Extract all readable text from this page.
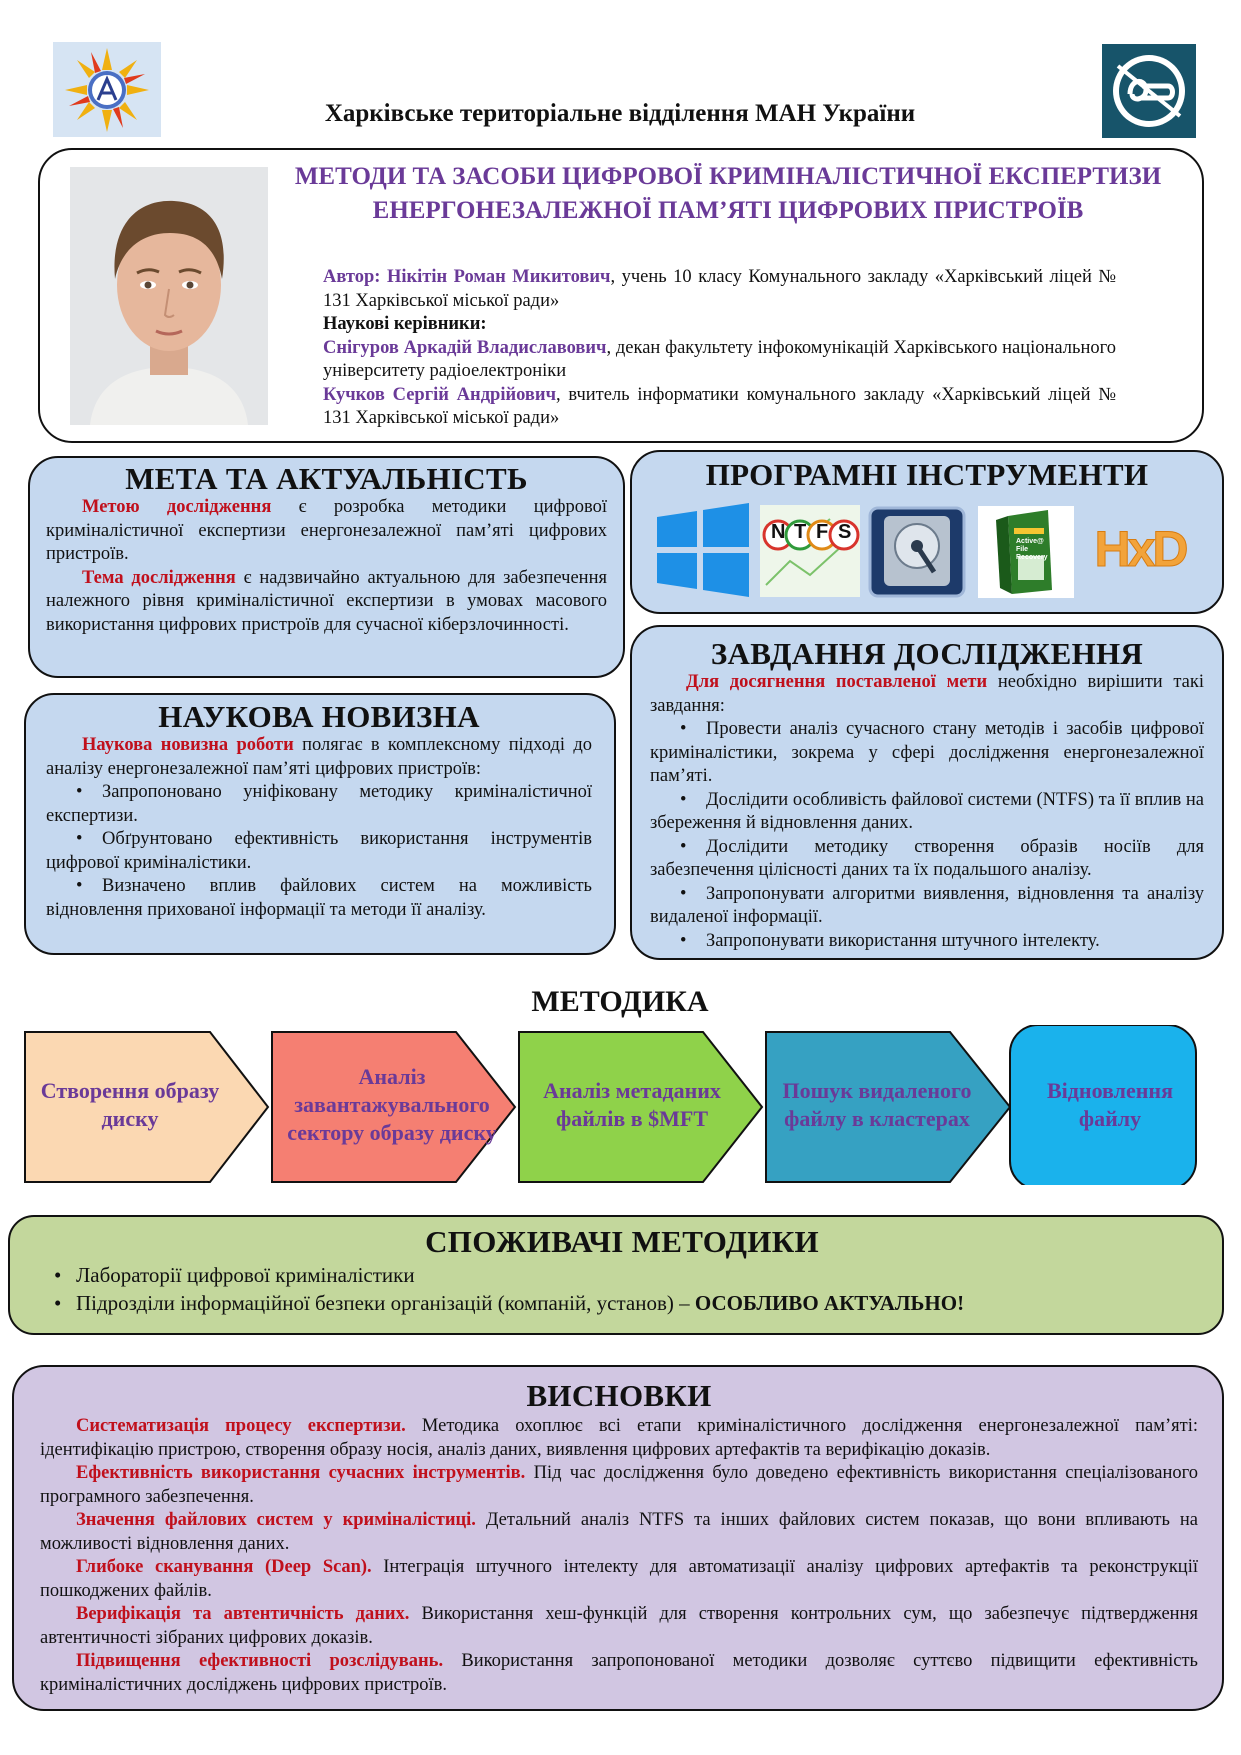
Харківське територіальне відділення МАН України
МЕТОДИ ТА ЗАСОБИ ЦИФРОВОЇ КРИМІНАЛІСТИЧНОЇ ЕКСПЕРТИЗИ ЕНЕРГОНЕЗАЛЕЖНОЇ ПАМ’ЯТІ ЦИФРОВИХ ПРИСТРОЇВ

Автор: Нікітін Роман Микитович, учень 10 класу Комунального закладу «Харківський ліцей № 131 Харківської міської ради»

Наукові керівники:

Снігуров Аркадій Владиславович, декан факультету інфокомунікацій Харківського національного університету радіоелектроніки

Кучков Сергій Андрійович, вчитель інформатики комунального закладу «Харківський ліцей № 131 Харківської міської ради»

МЕТА ТА АКТУАЛЬНІСТЬ

Метою дослідження є розробка методики цифрової криміналістичної експертизи енергонезалежної пам’яті цифрових пристроїв.

Тема дослідження є надзвичайно актуальною для забезпечення належного рівня криміналістичної експертизи в умовах масового використання цифрових пристроїв для сучасної кіберзлочинності.

ПРОГРАМНІ ІНСТРУМЕНТИ
N T F S	Active@ File Recovery HxD
НАУКОВА НОВИЗНА

Наукова новизна роботи полягає в комплексному підході до аналізу енергонезалежної пам’яті цифрових пристроїв:

• Запропоновано уніфіковану методику криміналістичної експертизи.

• Обґрунтовано ефективність використання інструментів цифрової криміналістики.

• Визначено вплив файлових систем на можливість відновлення прихованої інформації та методи її аналізу.

ЗАВДАННЯ ДОСЛІДЖЕННЯ

Для досягнення поставленої мети необхідно вирішити такі завдання:

• Провести аналіз сучасного стану методів і засобів цифрової криміналістики, зокрема у сфері дослідження енергонезалежної пам’яті.

• Дослідити особливість файлової системи (NTFS) та її вплив на збереження й відновлення даних.

• Дослідити методику створення образів носіїв для забезпечення цілісності даних та їх подальшого аналізу.

• Запропонувати алгоритми виявлення, відновлення та аналізу видаленої інформації.

• Запропонувати використання штучного інтелекту.

МЕТОДИКА
Створення образу диску
Аналіз завантажувального сектору образу диску
Аналіз метаданих файлів в $MFT
Пошук видаленого файлу в кластерах
Відновлення файлу
СПОЖИВАЧІ МЕТОДИКИ

• Лабораторії цифрової криміналістики

• Підрозділи інформаційної безпеки організацій (компаній, установ) – ОСОБЛИВО АКТУАЛЬНО!

ВИСНОВКИ

Систематизація процесу експертизи. Методика охоплює всі етапи криміналістичного дослідження енергонезалежної пам’яті: ідентифікацію пристрою, створення образу носія, аналіз даних, виявлення цифрових артефактів та верифікацію доказів.

Ефективність використання сучасних інструментів. Під час дослідження було доведено ефективність використання спеціалізованого програмного забезпечення.

Значення файлових систем у криміналістиці. Детальний аналіз NTFS та інших файлових систем показав, що вони впливають на можливості відновлення даних.

Глибоке сканування (Deep Scan). Інтеграція штучного інтелекту для автоматизації аналізу цифрових артефактів та реконструкції пошкоджених файлів.

Верифікація та автентичність даних. Використання хеш-функцій для створення контрольних сум, що забезпечує підтвердження автентичності зібраних цифрових доказів.

Підвищення ефективності розслідувань. Використання запропонованої методики дозволяє суттєво підвищити ефективність криміналістичних досліджень цифрових пристроїв.
